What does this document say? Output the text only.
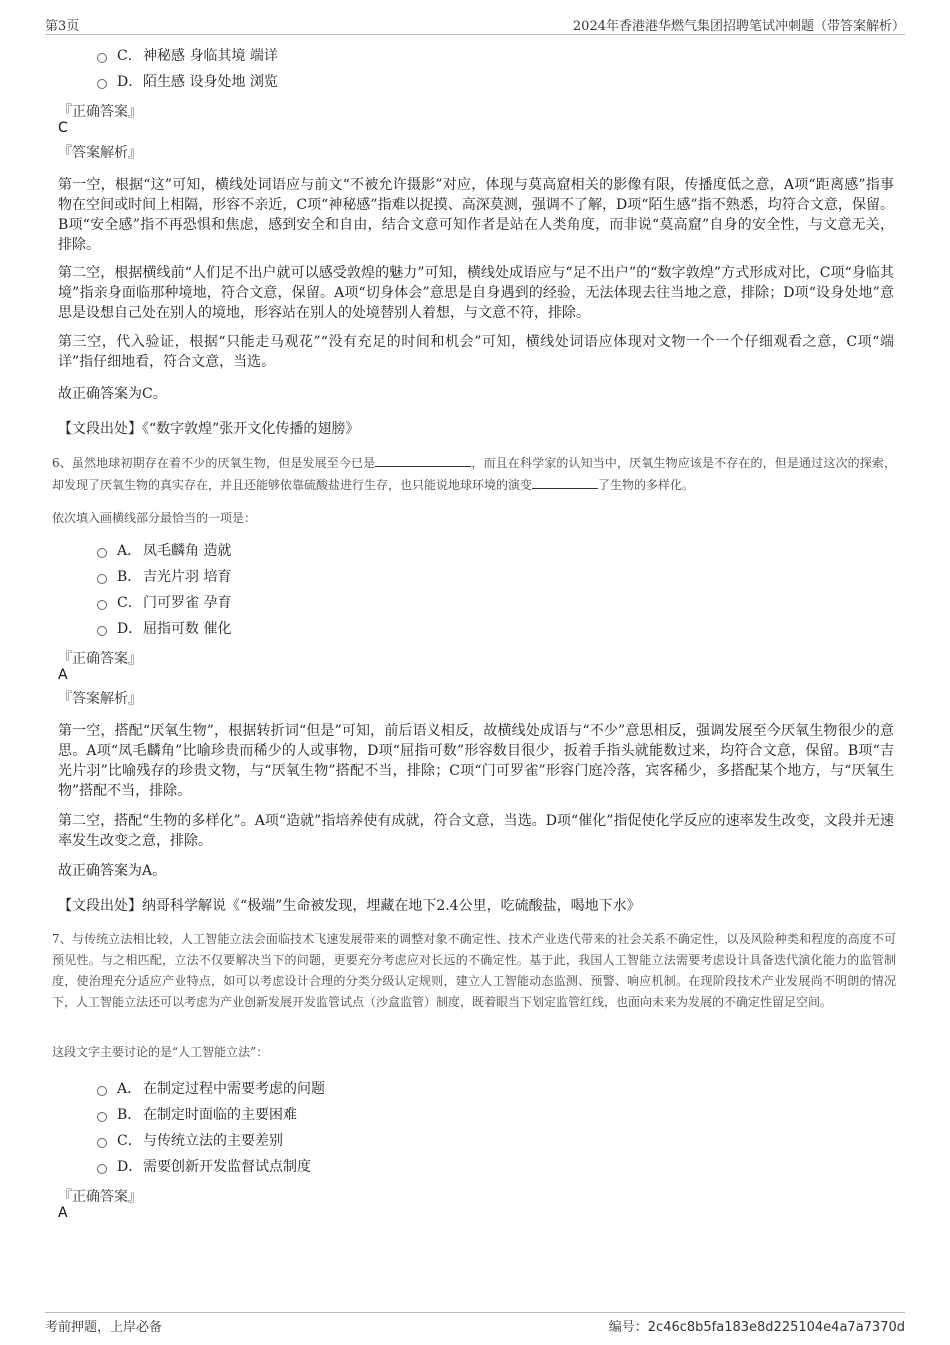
第3页	2024年香港港华燃气集团招聘笔试冲刺题（带答案解析）
C．神秘感 身临其境 端详
D．陌生感 设身处地 浏览
『正确答案』
C
『答案解析』
第一空，根据“这”可知，横线处词语应与前文“不被允许摄影”对应，体现与莫高窟相关的影像有限，传播度低之意，A项“距离感”指事物在空间或时间上相隔，形容不亲近，C项“神秘感”指难以捉摸、高深莫测，强调不了解，D项“陌生感”指不熟悉，均符合文意，保留。B项“安全感”指不再恐惧和焦虑，感到安全和自由，结合文意可知作者是站在人类角度，而非说“莫高窟”自身的安全性，与文意无关，排除。
第二空，根据横线前“人们足不出户就可以感受敦煌的魅力”可知，横线处成语应与“足不出户”的“数字敦煌”方式形成对比，C项“身临其境”指亲身面临那种境地，符合文意，保留。A项“切身体会”意思是自身遇到的经验，无法体现去往当地之意，排除；D项“设身处地”意思是设想自己处在别人的境地，形容站在别人的处境替别人着想，与文意不符，排除。
第三空，代入验证，根据“只能走马观花”“没有充足的时间和机会”可知，横线处词语应体现对文物一个一个仔细观看之意，C项“端详”指仔细地看，符合文意，当选。
故正确答案为C。
【文段出处】《“数字敦煌”张开文化传播的翅膀》
6、虽然地球初期存在着不少的厌氧生物，但是发展至今已是	，而且在科学家的认知当中，厌氧生物应该是不存在的，但是通过这次的探索，却发现了厌氧生物的真实存在，并且还能够依靠硫酸盐进行生存，也只能说地球环境的演变	了生物的多样化。
依次填入画横线部分最恰当的一项是：
A． 凤毛麟角 造就
B． 吉光片羽 培育
C．门可罗雀 孕育
D．屈指可数 催化
『正确答案』
A
『答案解析』
第一空，搭配“厌氧生物”，根据转折词“但是”可知，前后语义相反，故横线处成语与“不少”意思相反，强调发展至今厌氧生物很少的意思。A项“凤毛麟角”比喻珍贵而稀少的人或事物，D项“屈指可数”形容数目很少，扳着手指头就能数过来，均符合文意，保留。B项“吉光片羽”比喻残存的珍贵文物，与“厌氧生物”搭配不当，排除；C项“门可罗雀”形容门庭冷落，宾客稀少，多搭配某个地方，与“厌氧生物”搭配不当，排除。
第二空，搭配“生物的多样化”。A项“造就”指培养使有成就，符合文意，当选。D项“催化”指促使化学反应的速率发生改变，文段并无速率发生改变之意，排除。
故正确答案为A。
【文段出处】纳哥科学解说《“极端”生命被发现，埋藏在地下2.4公里，吃硫酸盐，喝地下水》
7、与传统立法相比较，人工智能立法会面临技术飞速发展带来的调整对象不确定性、技术产业迭代带来的社会关系不确定性，以及风险种类和程度的高度不可预见性。与之相匹配，立法不仅要解决当下的问题，更要充分考虑应对长远的不确定性。基于此，我国人工智能立法需要考虑设计具备迭代演化能力的监管制度，使治理充分适应产业特点，如可以考虑设计合理的分类分级认定规则，建立人工智能动态监测、预警、响应机制。在现阶段技术产业发展尚不明朗的情况下，人工智能立法还可以考虑为产业创新发展开发监管试点（沙盒监管）制度，既着眼当下划定监管红线，也面向未来为发展的不确定性留足空间。
这段文字主要讨论的是“人工智能立法”：
A． 在制定过程中需要考虑的问题
B． 在制定时面临的主要困难
C．与传统立法的主要差别
D．需要创新开发监督试点制度
『正确答案』
A
考前押题，上岸必备	编号：2c46c8b5fa183e8d225104e4a7a7370d
